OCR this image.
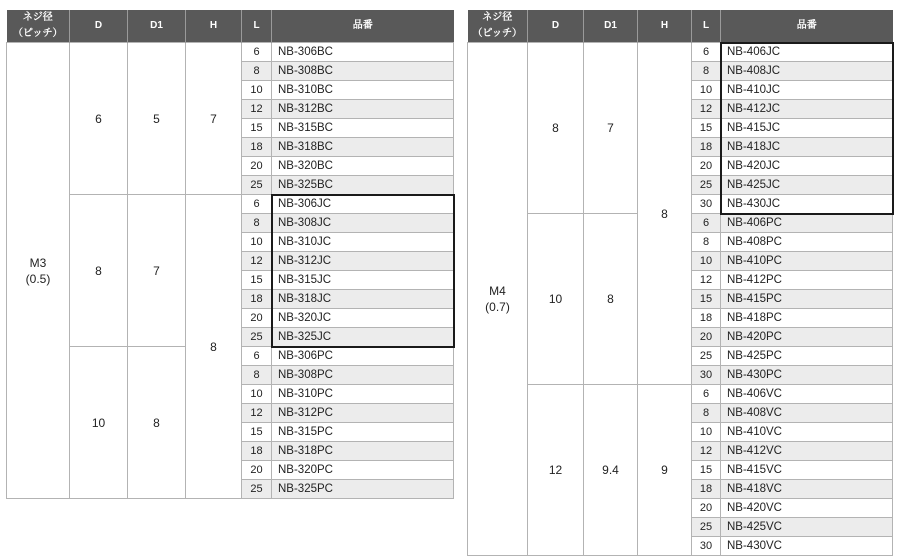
ネジ径
（ピッチ）	D	D1	H	L	品番

M3
(0.5)	6	5	7	6	NB-306BC
				8	NB-308BC
				10	NB-310BC
				12	NB-312BC
				15	NB-315BC
				18	NB-318BC
				20	NB-320BC
				25	NB-325BC
	8	7	8	6	NB-306JC
				8	NB-308JC
				10	NB-310JC
				12	NB-312JC
				15	NB-315JC
				18	NB-318JC
				20	NB-320JC
				25	NB-325JC
	10	8		6	NB-306PC
				8	NB-308PC
				10	NB-310PC
				12	NB-312PC
				15	NB-315PC
				18	NB-318PC
				20	NB-320PC
				25	NB-325PC
ネジ径
（ピッチ）	D	D1	H	L	品番

M4
(0.7)	8	7	8	6	NB-406JC
				8	NB-408JC
				10	NB-410JC
				12	NB-412JC
				15	NB-415JC
				18	NB-418JC
				20	NB-420JC
				25	NB-425JC
				30	NB-430JC
	10	8		6	NB-406PC
				8	NB-408PC
				10	NB-410PC
				12	NB-412PC
				15	NB-415PC
				18	NB-418PC
				20	NB-420PC
				25	NB-425PC
				30	NB-430PC
	12	9.4	9	6	NB-406VC
				8	NB-408VC
				10	NB-410VC
				12	NB-412VC
				15	NB-415VC
				18	NB-418VC
				20	NB-420VC
				25	NB-425VC
				30	NB-430VC
